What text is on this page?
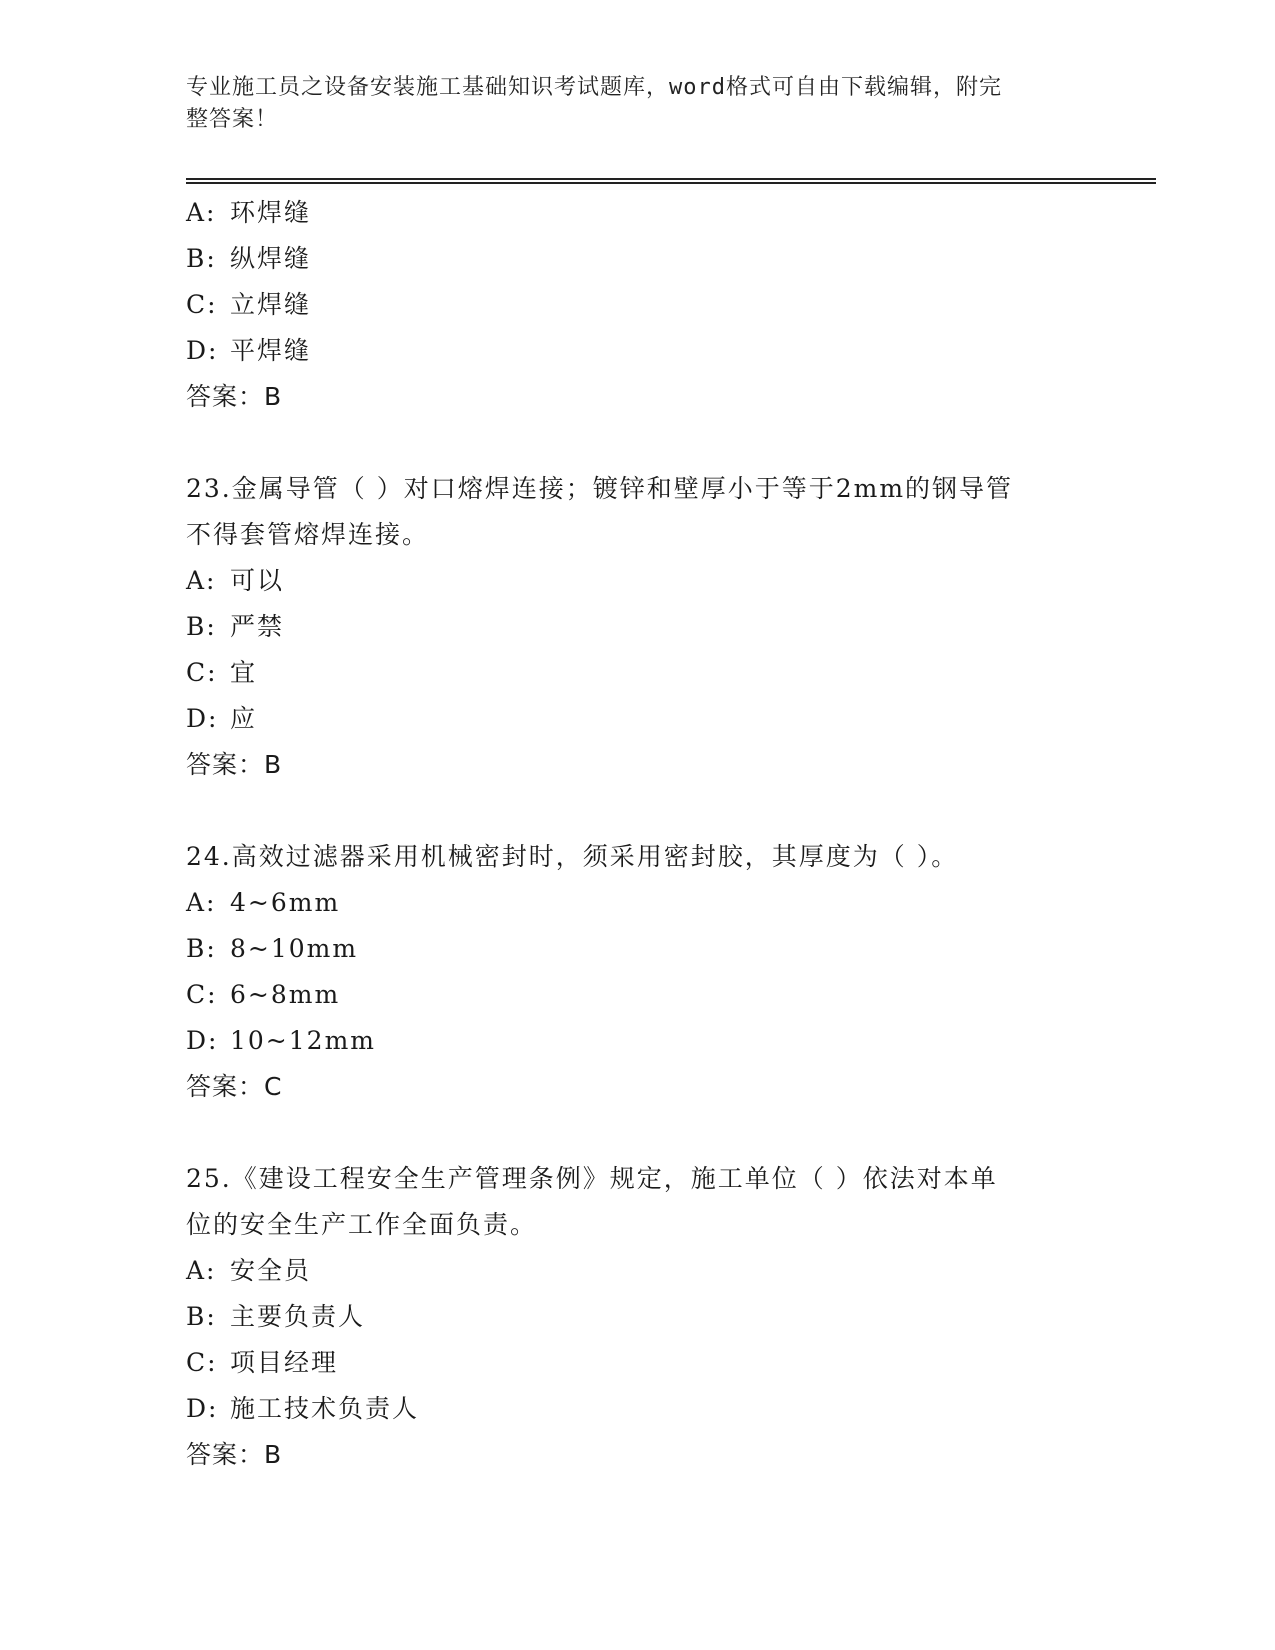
专业施工员之设备安装施工基础知识考试题库，word格式可自由下载编辑，附完
整答案！
A: 环焊缝
B: 纵焊缝
C: 立焊缝
D: 平焊缝
答案：B
23.金属导管（ ）对口熔焊连接；镀锌和壁厚小于等于2mm的钢导管
不得套管熔焊连接。
A: 可以
B: 严禁
C: 宜
D: 应
答案：B
24.高效过滤器采用机械密封时，须采用密封胶，其厚度为（ ）。
A: 4~6mm
B: 8~10mm
C: 6~8mm
D: 10~12mm
答案：C
25.《建设工程安全生产管理条例》规定，施工单位（ ）依法对本单
位的安全生产工作全面负责。
A: 安全员
B: 主要负责人
C: 项目经理
D: 施工技术负责人
答案：B
